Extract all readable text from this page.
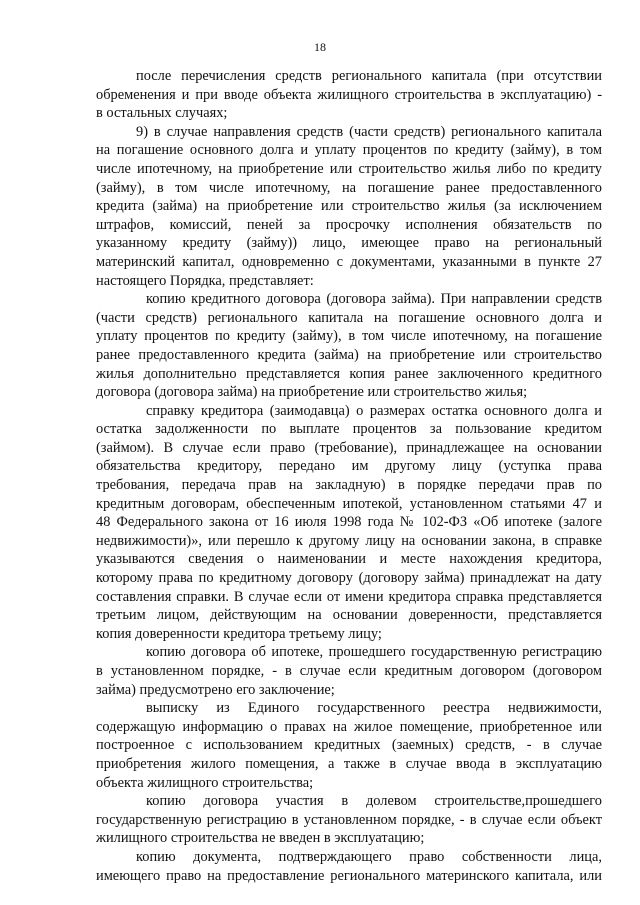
18
после перечисления средств регионального капитала (при отсутствии
обременения и при вводе объекта жилищного строительства в эксплуатацию) -
в остальных случаях;
9) в случае направления средств (части средств) регионального капитала
на погашение основного долга и уплату процентов по кредиту (займу), в том
числе ипотечному, на приобретение или строительство жилья либо по кредиту
(займу), в том числе ипотечному, на погашение ранее предоставленного
кредита (займа) на приобретение или строительство жилья (за исключением
штрафов, комиссий, пеней за просрочку исполнения обязательств по
указанному кредиту (займу)) лицо, имеющее право на региональный
материнский капитал, одновременно с документами, указанными в пункте 27
настоящего Порядка, представляет:
копию кредитного договора (договора займа). При направлении средств
(части средств) регионального капитала на погашение основного долга и
уплату процентов по кредиту (займу), в том числе ипотечному, на погашение
ранее предоставленного кредита (займа) на приобретение или строительство
жилья дополнительно представляется копия ранее заключенного кредитного
договора (договора займа) на приобретение или строительство жилья;
справку кредитора (заимодавца) о размерах остатка основного долга и
остатка задолженности по выплате процентов за пользование кредитом
(займом). В случае если право (требование), принадлежащее на основании
обязательства кредитору, передано им другому лицу (уступка права
требования, передача прав на закладную) в порядке передачи прав по
кредитным договорам, обеспеченным ипотекой, установленном статьями 47 и
48 Федерального закона от 16 июля 1998 года № 102-ФЗ «Об ипотеке (залоге
недвижимости)», или перешло к другому лицу на основании закона, в справке
указываются сведения о наименовании и месте нахождения кредитора,
которому права по кредитному договору (договору займа) принадлежат на дату
составления справки. В случае если от имени кредитора справка представляется
третьим лицом, действующим на основании доверенности, представляется
копия доверенности кредитора третьему лицу;
копию договора об ипотеке, прошедшего государственную регистрацию
в установленном порядке, - в случае если кредитным договором (договором
займа) предусмотрено его заключение;
выписку из Единого государственного реестра недвижимости,
содержащую информацию о правах на жилое помещение, приобретенное или
построенное с использованием кредитных (заемных) средств, - в случае
приобретения жилого помещения, а также в случае ввода в эксплуатацию
объекта жилищного строительства;
копию договора участия в долевом строительстве,прошедшего
государственную регистрацию в установленном порядке, - в случае если объект
жилищного строительства не введен в эксплуатацию;
копию документа, подтверждающего право собственности лица,
имеющего право на предоставление регионального материнского капитала, или
